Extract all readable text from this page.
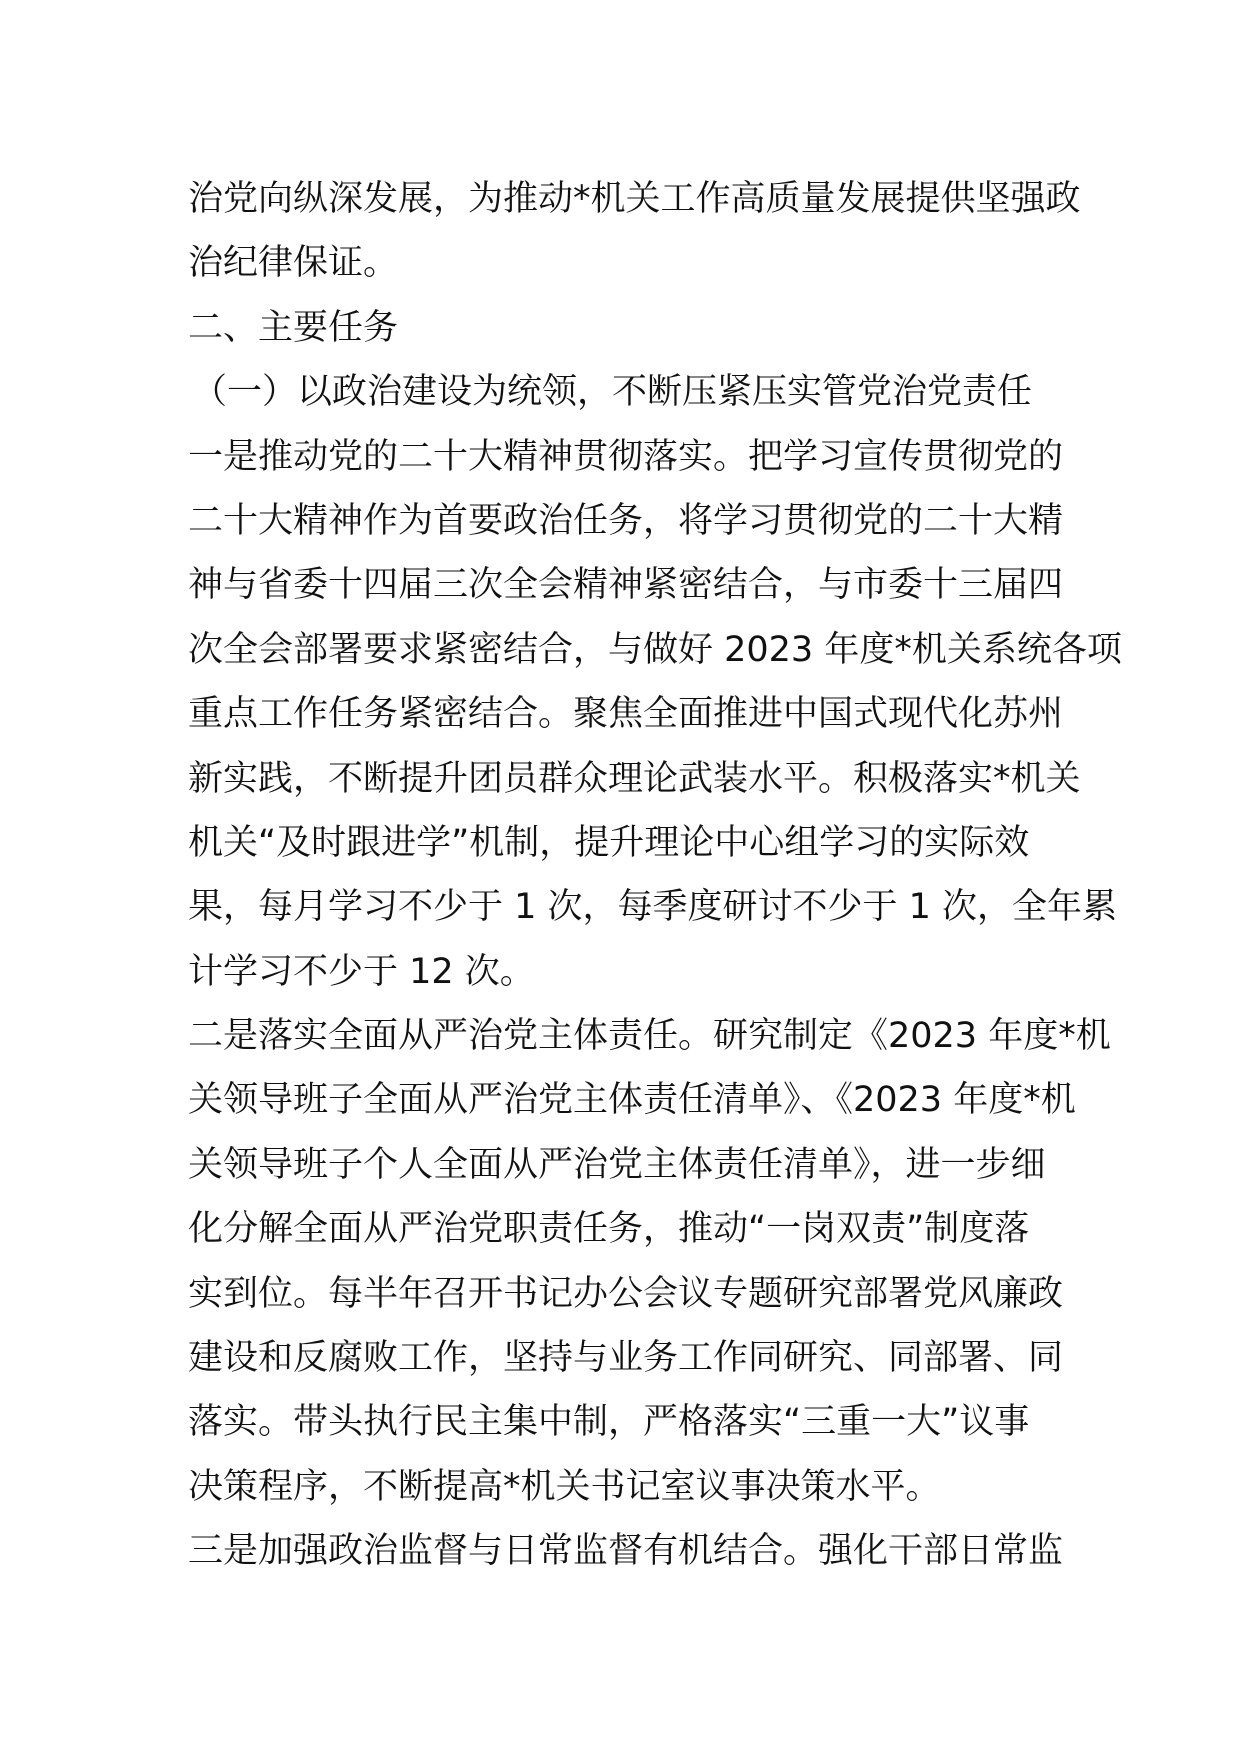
治党向纵深发展，为推动*机关工作高质量发展提供坚强政
治纪律保证。
二、主要任务
（一）以政治建设为统领，不断压紧压实管党治党责任
一是推动党的二十大精神贯彻落实。把学习宣传贯彻党的
二十大精神作为首要政治任务，将学习贯彻党的二十大精
神与省委十四届三次全会精神紧密结合，与市委十三届四
次全会部署要求紧密结合，与做好 2023 年度*机关系统各项
重点工作任务紧密结合。聚焦全面推进中国式现代化苏州
新实践，不断提升团员群众理论武装水平。积极落实*机关
机关“及时跟进学”机制，提升理论中心组学习的实际效
果，每月学习不少于 1 次，每季度研讨不少于 1 次，全年累
计学习不少于 12 次。
二是落实全面从严治党主体责任。研究制定《2023 年度*机
关领导班子全面从严治党主体责任清单》、《2023 年度*机
关领导班子个人全面从严治党主体责任清单》，进一步细
化分解全面从严治党职责任务，推动“一岗双责”制度落
实到位。每半年召开书记办公会议专题研究部署党风廉政
建设和反腐败工作，坚持与业务工作同研究、同部署、同
落实。带头执行民主集中制，严格落实“三重一大”议事
决策程序，不断提高*机关书记室议事决策水平。
三是加强政治监督与日常监督有机结合。强化干部日常监
